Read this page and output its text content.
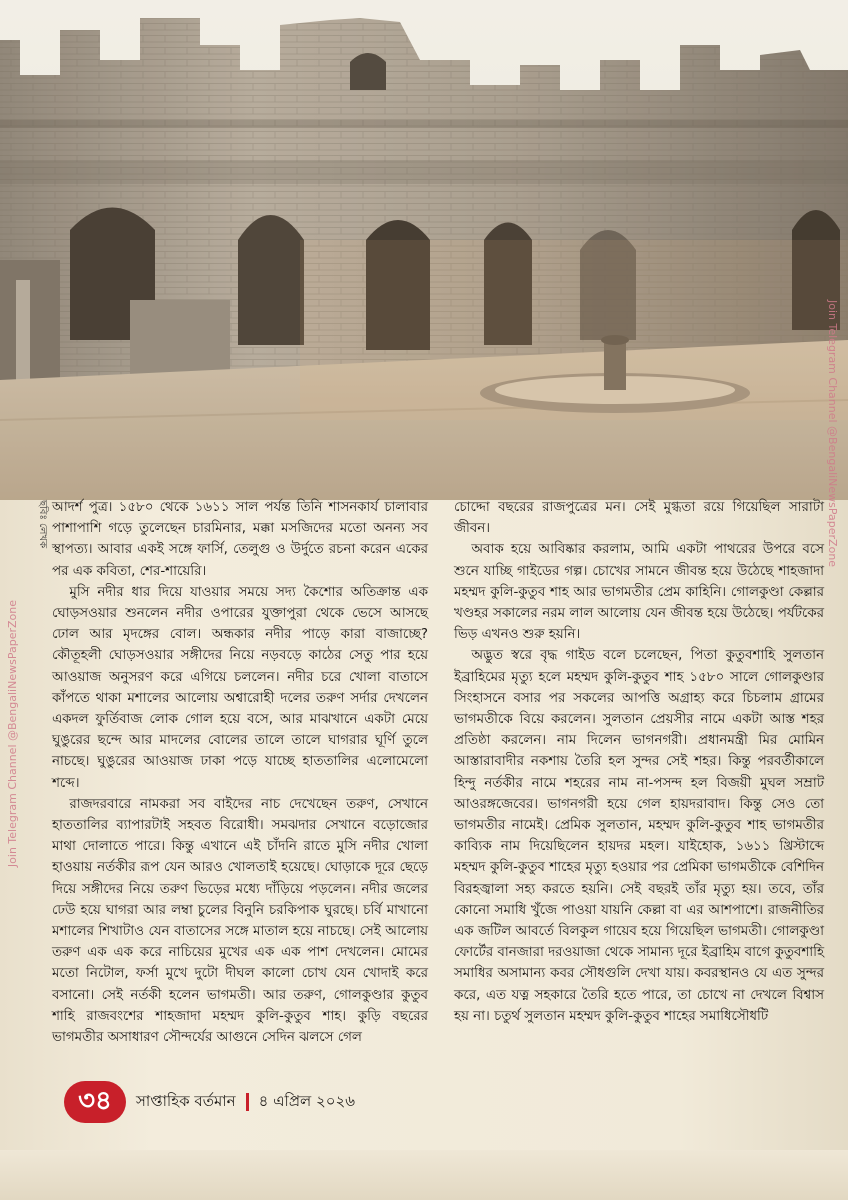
ছবিঃ লেখক
Join Telegram Channel @BengaliNewsPaperZone
Join Telegram Channel @BengaliNewsPaperZone

আদর্শ পুত্র। ১৫৮০ থেকে ১৬১১ সাল পর্যন্ত তিনি শাসনকার্য চালাবার পাশাপাশি গড়ে তুলেছেন চারমিনার, মক্কা মসজিদের মতো অনন্য সব স্থাপত্য। আবার একই সঙ্গে ফার্সি, তেলুগু ও উর্দুতে রচনা করেন একের পর এক কবিতা, শের-শায়েরি।

মুসি নদীর ধার দিয়ে যাওয়ার সময়ে সদ্য কৈশোর অতিক্রান্ত এক ঘোড়সওয়ার শুনলেন নদীর ওপারের যুক্তাপুরা থেকে ভেসে আসছে ঢোল আর মৃদঙ্গের বোল। অন্ধকার নদীর পাড়ে কারা বাজাচ্ছে? কৌতূহলী ঘোড়সওয়ার সঙ্গীদের নিয়ে নড়বড়ে কাঠের সেতু পার হয়ে আওয়াজ অনুসরণ করে এগিয়ে চললেন। নদীর চরে খোলা বাতাসে কাঁপতে থাকা মশালের আলোয় অশ্বারোহী দলের তরুণ সর্দার দেখলেন একদল ফুর্তিবাজ লোক গোল হয়ে বসে, আর মাঝখানে একটা মেয়ে ঘুঙুরের ছন্দে আর মাদলের বোলের তালে তালে ঘাগরার ঘূর্ণি তুলে নাচছে। ঘুঙুরের আওয়াজ ঢাকা পড়ে যাচ্ছে হাততালির এলোমেলো শব্দে।

রাজদরবারে নামকরা সব বাইদের নাচ দেখেছেন তরুণ, সেখানে হাততালির ব্যাপারটাই সহবত বিরোধী। সমঝদার সেখানে বড়োজোর মাথা দোলাতে পারে। কিন্তু এখানে এই চাঁদনি রাতে মুসি নদীর খোলা হাওয়ায় নর্তকীর রূপ যেন আরও খোলতাই হয়েছে। ঘোড়াকে দূরে ছেড়ে দিয়ে সঙ্গীদের নিয়ে তরুণ ভিড়ের মধ্যে দাঁড়িয়ে পড়লেন। নদীর জলের ঢেউ হয়ে ঘাগরা আর লম্বা চুলের বিনুনি চরকিপাক ঘুরছে। চর্বি মাখানো মশালের শিখাটাও যেন বাতাসের সঙ্গে মাতাল হয়ে নাচছে। সেই আলোয় তরুণ এক এক করে নাচিয়ের মুখের এক এক পাশ দেখলেন। মোমের মতো নিটোল, ফর্সা মুখে দুটো দীঘল কালো চোখ যেন খোদাই করে বসানো। সেই নর্তকী হলেন ভাগমতী। আর তরুণ, গোলকুণ্ডার কুতুব শাহি রাজবংশের শাহজাদা মহম্মদ কুলি-কুতুব শাহ। কুড়ি বছরের ভাগমতীর অসাধারণ সৌন্দর্যের আগুনে সেদিন ঝলসে গেল

চোদ্দো বছরের রাজপুত্রের মন। সেই মুগ্ধতা রয়ে গিয়েছিল সারাটা জীবন।

অবাক হয়ে আবিষ্কার করলাম, আমি একটা পাথরের উপরে বসে শুনে যাচ্ছি গাইডের গল্প। চোখের সামনে জীবন্ত হয়ে উঠেছে শাহজাদা মহম্মদ কুলি-কুতুব শাহ আর ভাগমতীর প্রেম কাহিনি। গোলকুণ্ডা কেল্লার খণ্ডহর সকালের নরম লাল আলোয় যেন জীবন্ত হয়ে উঠেছে। পর্যটকের ভিড় এখনও শুরু হয়নি।

অদ্ভুত স্বরে বৃদ্ধ গাইড বলে চলেছেন, পিতা কুতুবশাহি সুলতান ইব্রাহিমের মৃত্যু হলে মহম্মদ কুলি-কুতুব শাহ ১৫৮০ সালে গোলকুণ্ডার সিংহাসনে বসার পর সকলের আপত্তি অগ্রাহ্য করে চিচলাম গ্রামের ভাগমতীকে বিয়ে করলেন। সুলতান প্রেয়সীর নামে একটা আস্ত শহর প্রতিষ্ঠা করলেন। নাম দিলেন ভাগনগরী। প্রধানমন্ত্রী মির মোমিন আস্তারাবাদীর নকশায় তৈরি হল সুন্দর সেই শহর। কিন্তু পরবর্তীকালে হিন্দু নর্তকীর নামে শহরের নাম না-পসন্দ হল বিজয়ী মুঘল সম্রাট আওরঙ্গজেবের। ভাগনগরী হয়ে গেল হায়দরাবাদ। কিন্তু সেও তো ভাগমতীর নামেই। প্রেমিক সুলতান, মহম্মদ কুলি-কুতুব শাহ ভাগমতীর কাব্যিক নাম দিয়েছিলেন হায়দর মহল। যাইহোক, ১৬১১ খ্রিস্টাব্দে মহম্মদ কুলি-কুতুব শাহের মৃত্যু হওয়ার পর প্রেমিকা ভাগমতীকে বেশিদিন বিরহজ্বালা সহ্য করতে হয়নি। সেই বছরই তাঁর মৃত্যু হয়। তবে, তাঁর কোনো সমাধি খুঁজে পাওয়া যায়নি কেল্লা বা এর আশপাশে। রাজনীতির এক জটিল আবর্তে বিলকুল গায়েব হয়ে গিয়েছিল ভাগমতী। গোলকুণ্ডা ফোর্টের বানজারা দরওয়াজা থেকে সামান্য দূরে ইব্রাহিম বাগে কুতুবশাহি সমাধির অসামান্য কবর সৌধগুলি দেখা যায়। কবরস্থানও যে এত সুন্দর করে, এত যত্ন সহকারে তৈরি হতে পারে, তা চোখে না দেখলে বিশ্বাস হয় না। চতুর্থ সুলতান মহম্মদ কুলি-কুতুব শাহের সমাধিসৌধটি

৩৪	সাপ্তাহিক বর্তমান ৪ এপ্রিল ২০২৬
